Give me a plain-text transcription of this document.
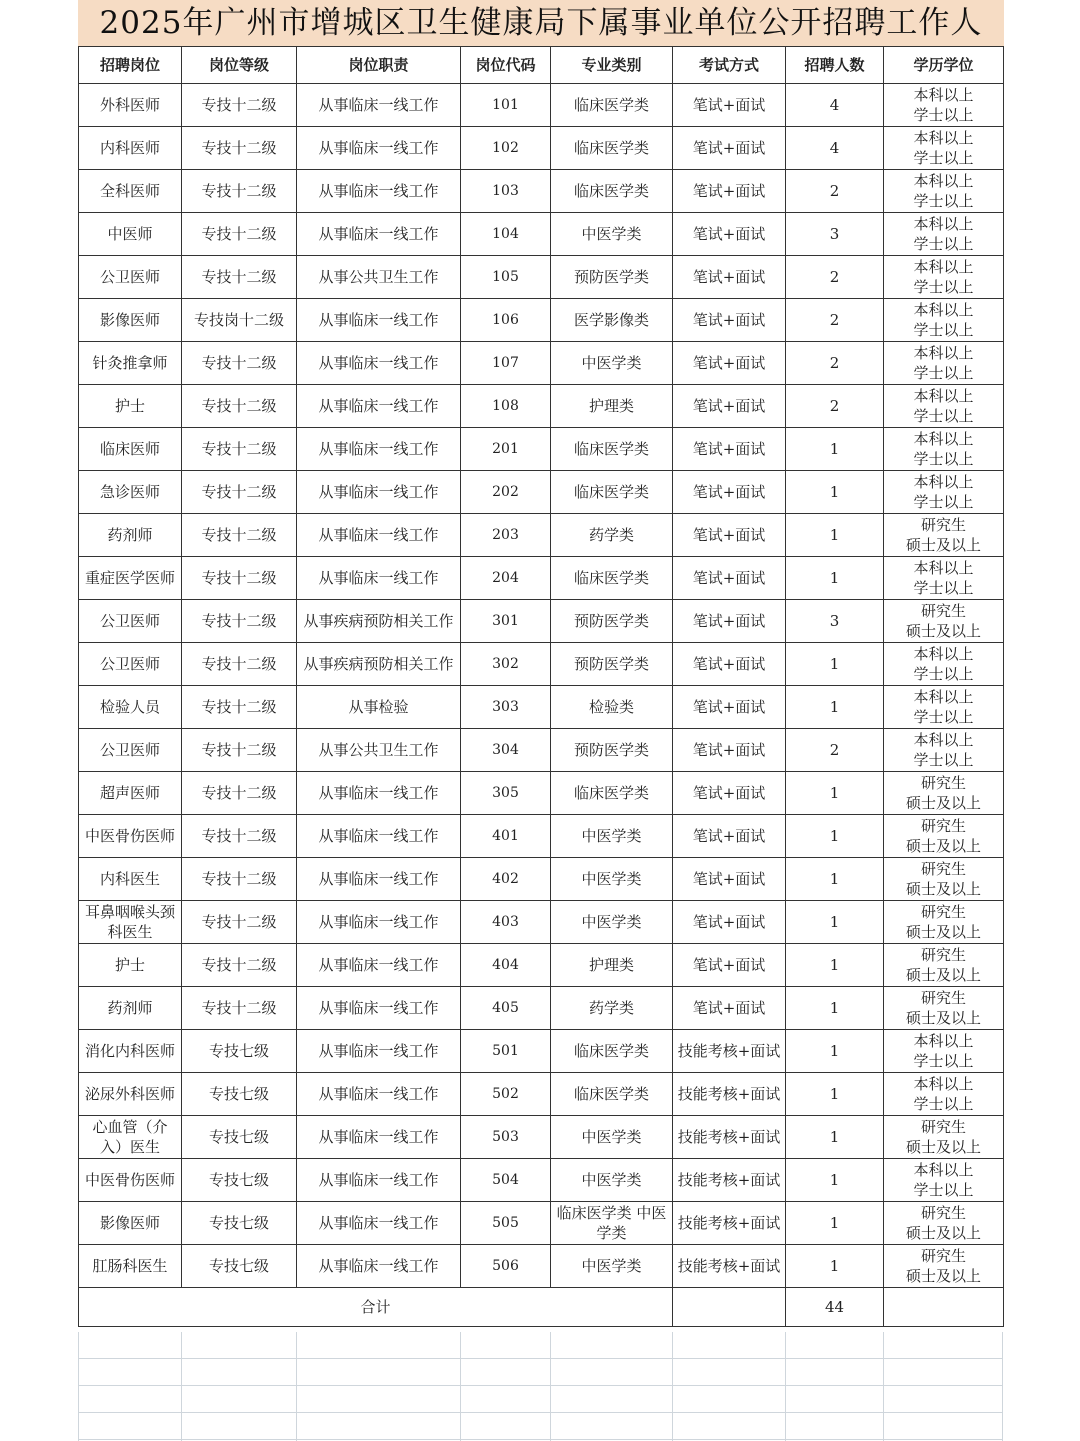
2025年广州市增城区卫生健康局下属事业单位公开招聘工作人
招聘岗位	岗位等级	岗位职责	岗位代码	专业类别	考试方式	招聘人数	学历学位

外科医师	专技十二级	从事临床一线工作	101	临床医学类	笔试+面试	4	本科以上
学士以上

内科医师	专技十二级	从事临床一线工作	102	临床医学类	笔试+面试	4	本科以上
学士以上

全科医师	专技十二级	从事临床一线工作	103	临床医学类	笔试+面试	2	本科以上
学士以上

中医师	专技十二级	从事临床一线工作	104	中医学类	笔试+面试	3	本科以上
学士以上

公卫医师	专技十二级	从事公共卫生工作	105	预防医学类	笔试+面试	2	本科以上
学士以上

影像医师	专技岗十二级	从事临床一线工作	106	医学影像类	笔试+面试	2	本科以上
学士以上

针灸推拿师	专技十二级	从事临床一线工作	107	中医学类	笔试+面试	2	本科以上
学士以上

护士	专技十二级	从事临床一线工作	108	护理类	笔试+面试	2	本科以上
学士以上

临床医师	专技十二级	从事临床一线工作	201	临床医学类	笔试+面试	1	本科以上
学士以上

急诊医师	专技十二级	从事临床一线工作	202	临床医学类	笔试+面试	1	本科以上
学士以上

药剂师	专技十二级	从事临床一线工作	203	药学类	笔试+面试	1	研究生
硕士及以上

重症医学医师	专技十二级	从事临床一线工作	204	临床医学类	笔试+面试	1	本科以上
学士以上

公卫医师	专技十二级	从事疾病预防相关工作	301	预防医学类	笔试+面试	3	研究生
硕士及以上

公卫医师	专技十二级	从事疾病预防相关工作	302	预防医学类	笔试+面试	1	本科以上
学士以上

检验人员	专技十二级	从事检验	303	检验类	笔试+面试	1	本科以上
学士以上

公卫医师	专技十二级	从事公共卫生工作	304	预防医学类	笔试+面试	2	本科以上
学士以上

超声医师	专技十二级	从事临床一线工作	305	临床医学类	笔试+面试	1	研究生
硕士及以上

中医骨伤医师	专技十二级	从事临床一线工作	401	中医学类	笔试+面试	1	研究生
硕士及以上

内科医生	专技十二级	从事临床一线工作	402	中医学类	笔试+面试	1	研究生
硕士及以上

耳鼻咽喉头颈科医生	专技十二级	从事临床一线工作	403	中医学类	笔试+面试	1	研究生
硕士及以上

护士	专技十二级	从事临床一线工作	404	护理类	笔试+面试	1	研究生
硕士及以上

药剂师	专技十二级	从事临床一线工作	405	药学类	笔试+面试	1	研究生
硕士及以上

消化内科医师	专技七级	从事临床一线工作	501	临床医学类	技能考核+面试	1	本科以上
学士以上

泌尿外科医师	专技七级	从事临床一线工作	502	临床医学类	技能考核+面试	1	本科以上
学士以上

心血管（介入）医生	专技七级	从事临床一线工作	503	中医学类	技能考核+面试	1	研究生
硕士及以上

中医骨伤医师	专技七级	从事临床一线工作	504	中医学类	技能考核+面试	1	本科以上
学士以上

影像医师	专技七级	从事临床一线工作	505	临床医学类 中医学类	技能考核+面试	1	研究生
硕士及以上

肛肠科医生	专技七级	从事临床一线工作	506	中医学类	技能考核+面试	1	研究生
硕士及以上

合计						44	
